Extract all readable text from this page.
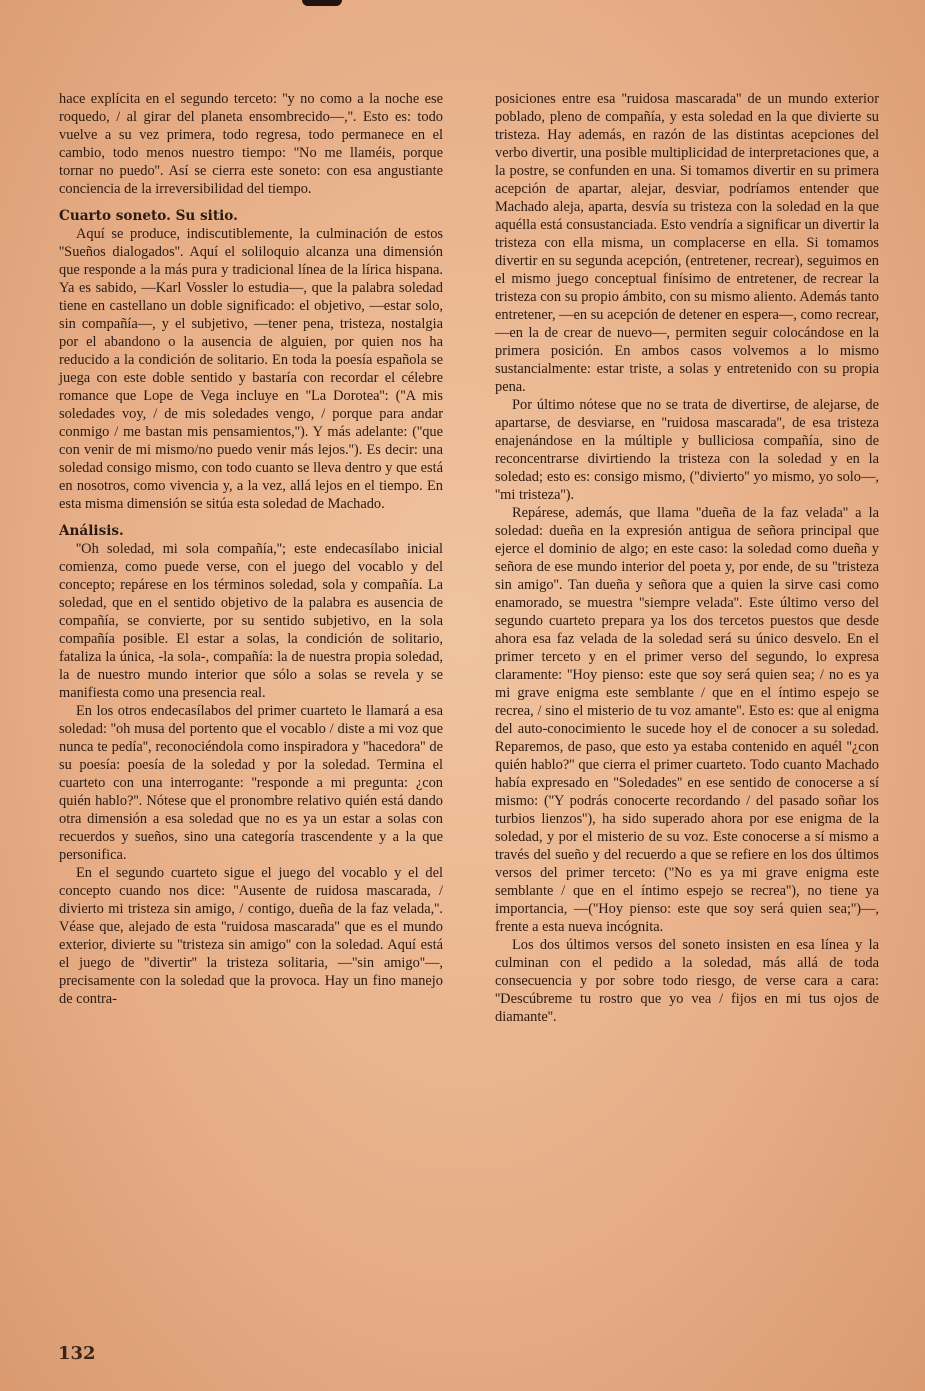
hace explícita en el segundo terceto: ''y no como a la noche ese roquedo, / al girar del planeta ensombrecido—,''. Esto es: todo vuelve a su vez primera, todo regresa, todo permanece en el cambio, todo menos nuestro tiempo: ''No me llaméis, porque tornar no puedo''. Así se cierra este soneto: con esa angustiante conciencia de la irreversibilidad del tiempo.

Cuarto soneto. Su sitio.

Aquí se produce, indiscutiblemente, la culminación de estos ''Sueños dialogados''. Aquí el soliloquio alcanza una dimensión que responde a la más pura y tradicional línea de la lírica hispana. Ya es sabido, —Karl Vossler lo estudia—, que la palabra soledad tiene en castellano un doble significado: el objetivo, —estar solo, sin compañía—, y el subjetivo, —tener pena, tristeza, nostalgia por el abandono o la ausencia de alguien, por quien nos ha reducido a la condición de solitario. En toda la poesía española se juega con este doble sentido y bastaría con recordar el célebre romance que Lope de Vega incluye en ''La Dorotea'': (''A mis soledades voy, / de mis soledades vengo, / porque para andar conmigo / me bastan mis pensamientos,''). Y más adelante: (''que con venir de mi mismo/no puedo venir más lejos.''). Es decir: una soledad consigo mismo, con todo cuanto se lleva dentro y que está en nosotros, como vivencia y, a la vez, allá lejos en el tiempo. En esta misma dimensión se sitúa esta soledad de Machado.

Análisis.

''Oh soledad, mi sola compañía,''; este endecasílabo inicial comienza, como puede verse, con el juego del vocablo y del concepto; repárese en los términos soledad, sola y compañía. La soledad, que en el sentido objetivo de la palabra es ausencia de compañía, se convierte, por su sentido subjetivo, en la sola compañía posible. El estar a solas, la condición de solitario, fataliza la única, -la sola-, compañía: la de nuestra propia soledad, la de nuestro mundo interior que sólo a solas se revela y se manifiesta como una presencia real.

En los otros endecasílabos del primer cuarteto le llamará a esa soledad: ''oh musa del portento que el vocablo / diste a mi voz que nunca te pedía'', reconociéndola como inspiradora y ''hacedora'' de su poesía: poesía de la soledad y por la soledad. Termina el cuarteto con una interrogante: ''responde a mi pregunta: ¿con quién hablo?''. Nótese que el pronombre relativo quién está dando otra dimensión a esa soledad que no es ya un estar a solas con recuerdos y sueños, sino una categoría trascendente y a la que personifica.

En el segundo cuarteto sigue el juego del vocablo y el del concepto cuando nos dice: ''Ausente de ruidosa mascarada, / divierto mi tristeza sin amigo, / contigo, dueña de la faz velada,''. Véase que, alejado de esta ''ruidosa mascarada'' que es el mundo exterior, divierte su ''tristeza sin amigo'' con la soledad. Aquí está el juego de ''divertir'' la tristeza solitaria, —''sin amigo''—, precisamente con la soledad que la provoca. Hay un fino manejo de contra-

posiciones entre esa ''ruidosa mascarada'' de un mundo exterior poblado, pleno de compañía, y esta soledad en la que divierte su tristeza. Hay además, en razón de las distintas acepciones del verbo divertir, una posible multiplicidad de interpretaciones que, a la postre, se confunden en una. Si tomamos divertir en su primera acepción de apartar, alejar, desviar, podríamos entender que Machado aleja, aparta, desvía su tristeza con la soledad en la que aquélla está consustanciada. Esto vendría a significar un divertir la tristeza con ella misma, un complacerse en ella. Si tomamos divertir en su segunda acepción, (entretener, recrear), seguimos en el mismo juego conceptual finísimo de entretener, de recrear la tristeza con su propio ámbito, con su mismo aliento. Además tanto entretener, —en su acepción de detener en espera—, como recrear, —en la de crear de nuevo—, permiten seguir colocándose en la primera posición. En ambos casos volvemos a lo mismo sustancialmente: estar triste, a solas y entretenido con su propia pena.

Por último nótese que no se trata de divertirse, de alejarse, de apartarse, de desviarse, en ''ruidosa mascarada'', de esa tristeza enajenándose en la múltiple y bulliciosa compañía, sino de reconcentrarse divirtiendo la tristeza con la soledad y en la soledad; esto es: consigo mismo, (''divierto'' yo mismo, yo solo—, ''mi tristeza'').

Repárese, además, que llama ''dueña de la faz velada'' a la soledad: dueña en la expresión antigua de señora principal que ejerce el dominio de algo; en este caso: la soledad como dueña y señora de ese mundo interior del poeta y, por ende, de su ''tristeza sin amigo''. Tan dueña y señora que a quien la sirve casi como enamorado, se muestra ''siempre velada''. Este último verso del segundo cuarteto prepara ya los dos tercetos puestos que desde ahora esa faz velada de la soledad será su único desvelo. En el primer terceto y en el primer verso del segundo, lo expresa claramente: ''Hoy pienso: este que soy será quien sea; / no es ya mi grave enigma este semblante / que en el íntimo espejo se recrea, / sino el misterio de tu voz amante''. Esto es: que al enigma del auto-conocimiento le sucede hoy el de conocer a su soledad. Reparemos, de paso, que esto ya estaba contenido en aquél ''¿con quién hablo?'' que cierra el primer cuarteto. Todo cuanto Machado había expresado en ''Soledades'' en ese sentido de conocerse a sí mismo: (''Y podrás conocerte recordando / del pasado soñar los turbios lienzos''), ha sido superado ahora por ese enigma de la soledad, y por el misterio de su voz. Este conocerse a sí mismo a través del sueño y del recuerdo a que se refiere en los dos últimos versos del primer terceto: (''No es ya mi grave enigma este semblante / que en el íntimo espejo se recrea''), no tiene ya importancia, —(''Hoy pienso: este que soy será quien sea;'')—, frente a esta nueva incógnita.

Los dos últimos versos del soneto insisten en esa línea y la culminan con el pedido a la soledad, más allá de toda consecuencia y por sobre todo riesgo, de verse cara a cara: ''Descúbreme tu rostro que yo vea / fijos en mi tus ojos de diamante''.

132
